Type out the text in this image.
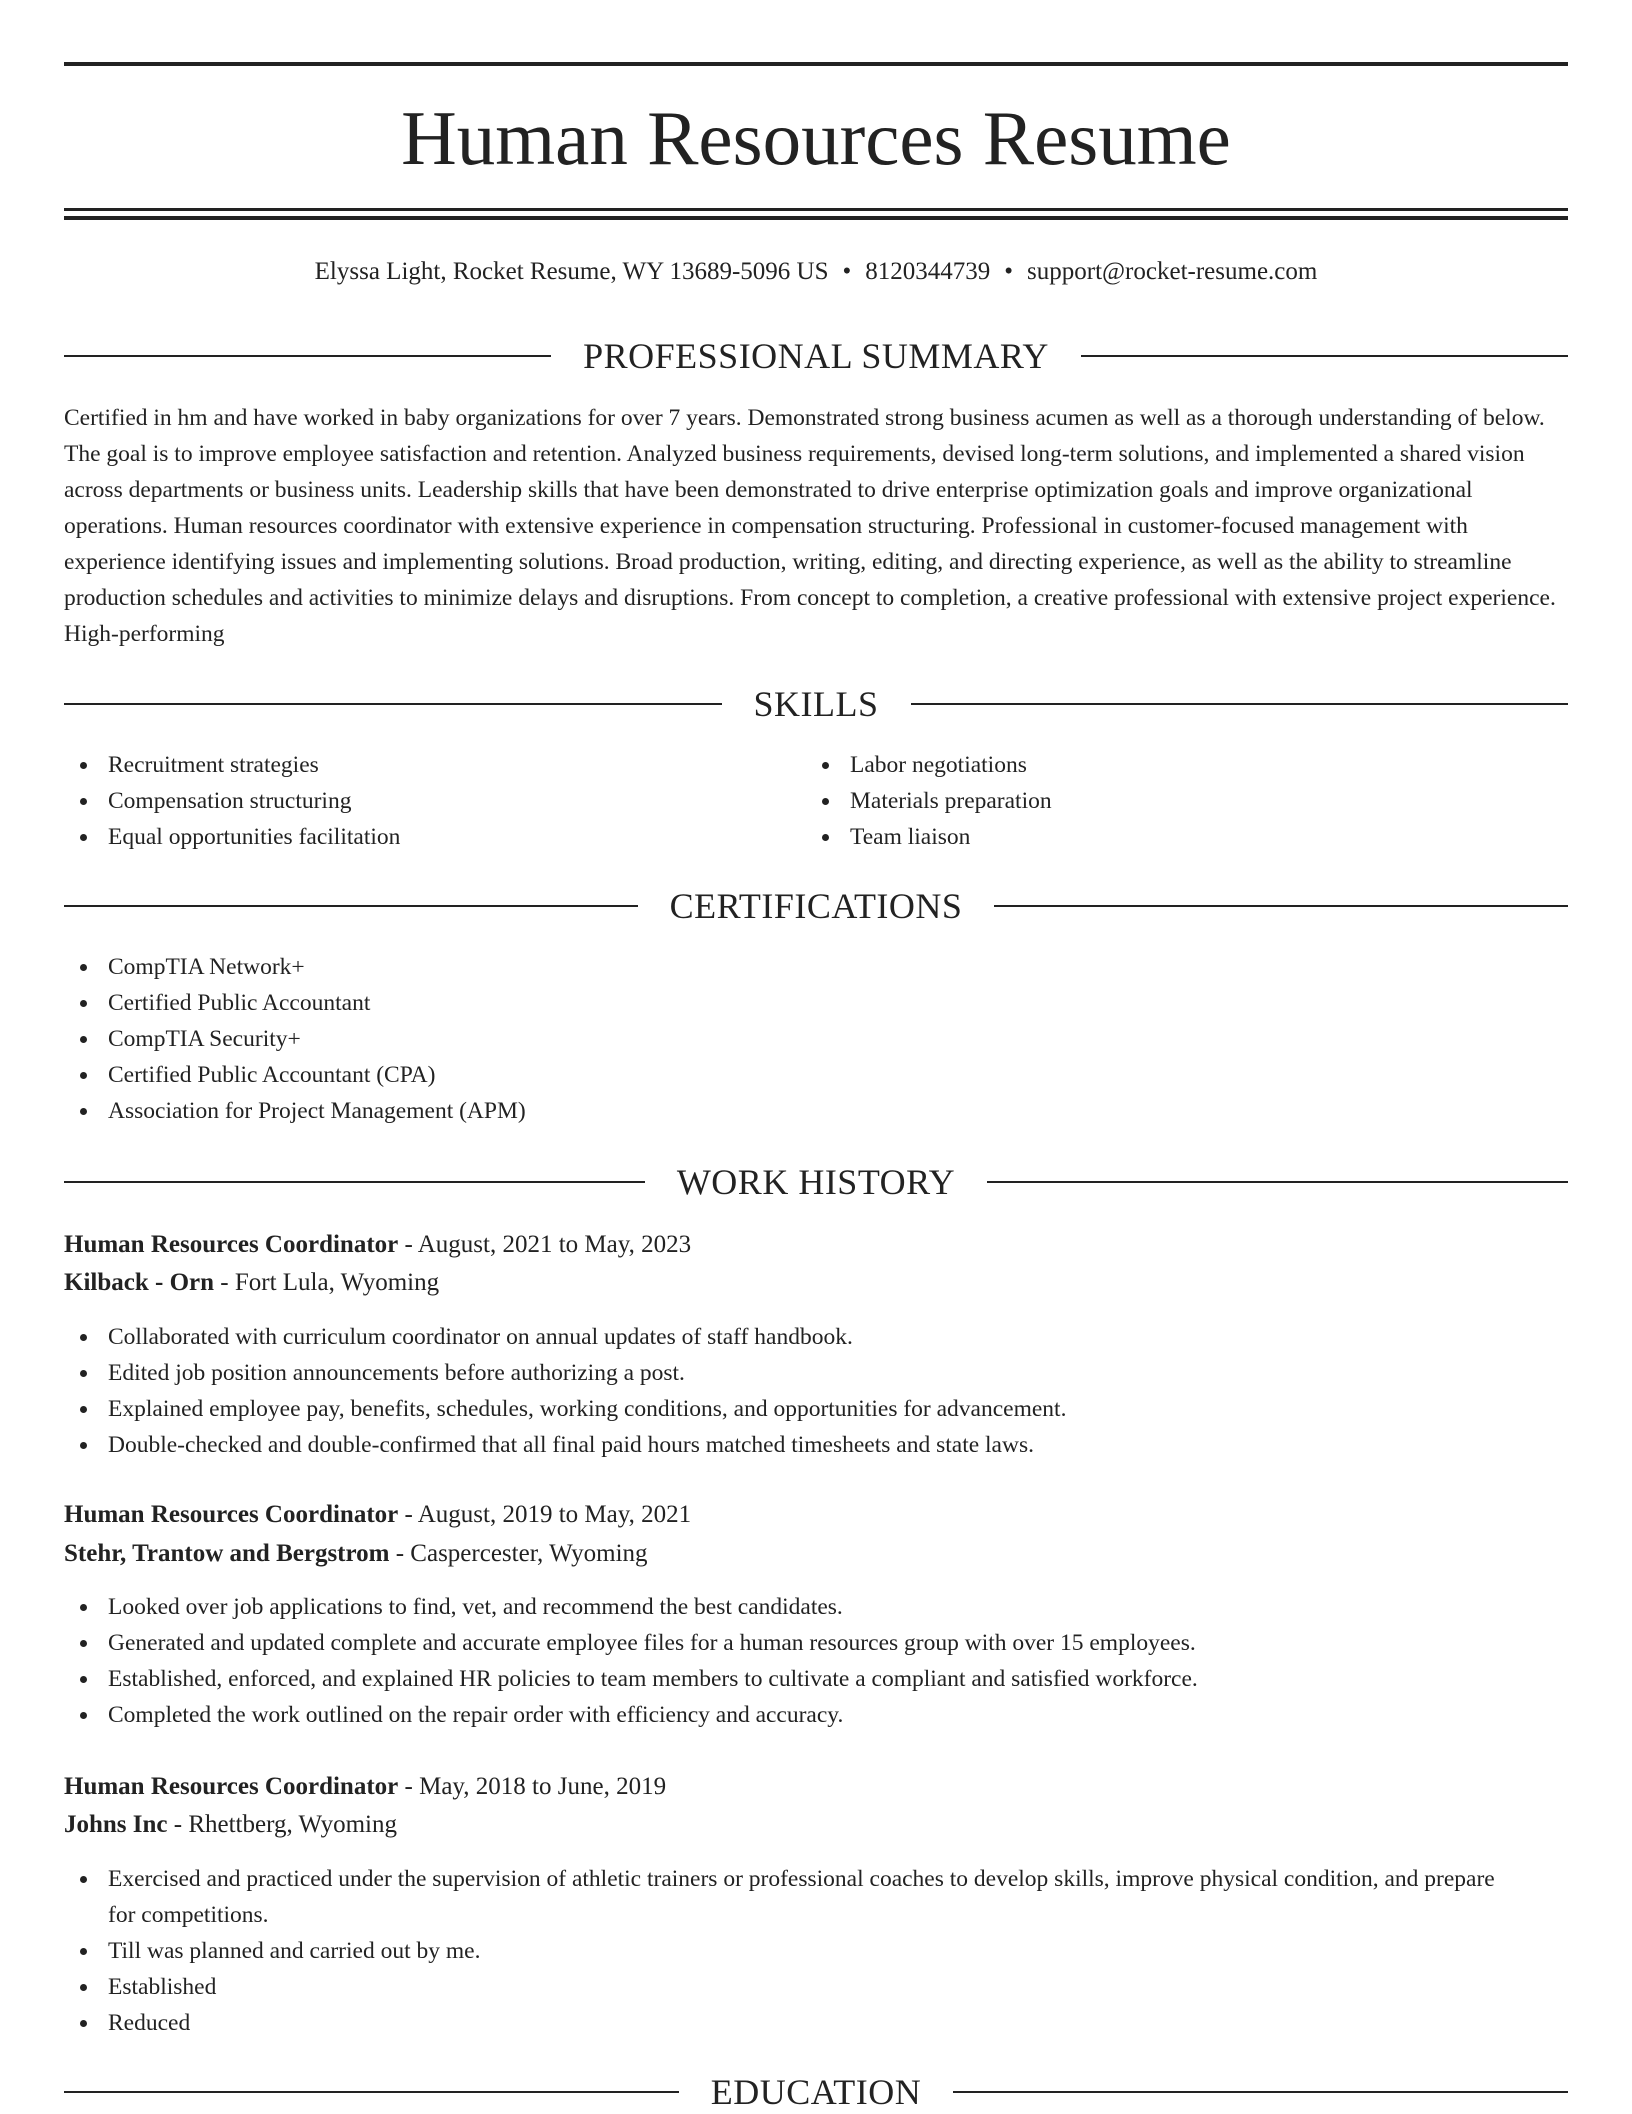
Human Resources Resume
Elyssa Light, Rocket Resume, WY 13689-5096 US • 8120344739 • support@rocket-resume.com
PROFESSIONAL SUMMARY

Certified in hm and have worked in baby organizations for over 7 years. Demonstrated strong business acumen as well as a thorough understanding of below. The goal is to improve employee satisfaction and retention. Analyzed business requirements, devised long-term solutions, and implemented a shared vision across departments or business units. Leadership skills that have been demonstrated to drive enterprise optimization goals and improve organizational operations. Human resources coordinator with extensive experience in compensation structuring. Professional in customer-focused management with experience identifying issues and implementing solutions. Broad production, writing, editing, and directing experience, as well as the ability to streamline production schedules and activities to minimize delays and disruptions. From concept to completion, a creative professional with extensive project experience. High-performing

SKILLS
Recruitment strategies
Compensation structuring
Equal opportunities facilitation
Labor negotiations
Materials preparation
Team liaison
CERTIFICATIONS
CompTIA Network+
Certified Public Accountant
CompTIA Security+
Certified Public Accountant (CPA)
Association for Project Management (APM)
WORK HISTORY
Human Resources Coordinator - August, 2021 to May, 2023
Kilback - Orn - Fort Lula, Wyoming
Collaborated with curriculum coordinator on annual updates of staff handbook.
Edited job position announcements before authorizing a post.
Explained employee pay, benefits, schedules, working conditions, and opportunities for advancement.
Double-checked and double-confirmed that all final paid hours matched timesheets and state laws.
Human Resources Coordinator - August, 2019 to May, 2021
Stehr, Trantow and Bergstrom - Caspercester, Wyoming
Looked over job applications to find, vet, and recommend the best candidates.
Generated and updated complete and accurate employee files for a human resources group with over 15 employees.
Established, enforced, and explained HR policies to team members to cultivate a compliant and satisfied workforce.
Completed the work outlined on the repair order with efficiency and accuracy.
Human Resources Coordinator - May, 2018 to June, 2019
Johns Inc - Rhettberg, Wyoming
Exercised and practiced under the supervision of athletic trainers or professional coaches to develop skills, improve physical condition, and prepare for competitions.
Till was planned and carried out by me.
Established
Reduced
EDUCATION
